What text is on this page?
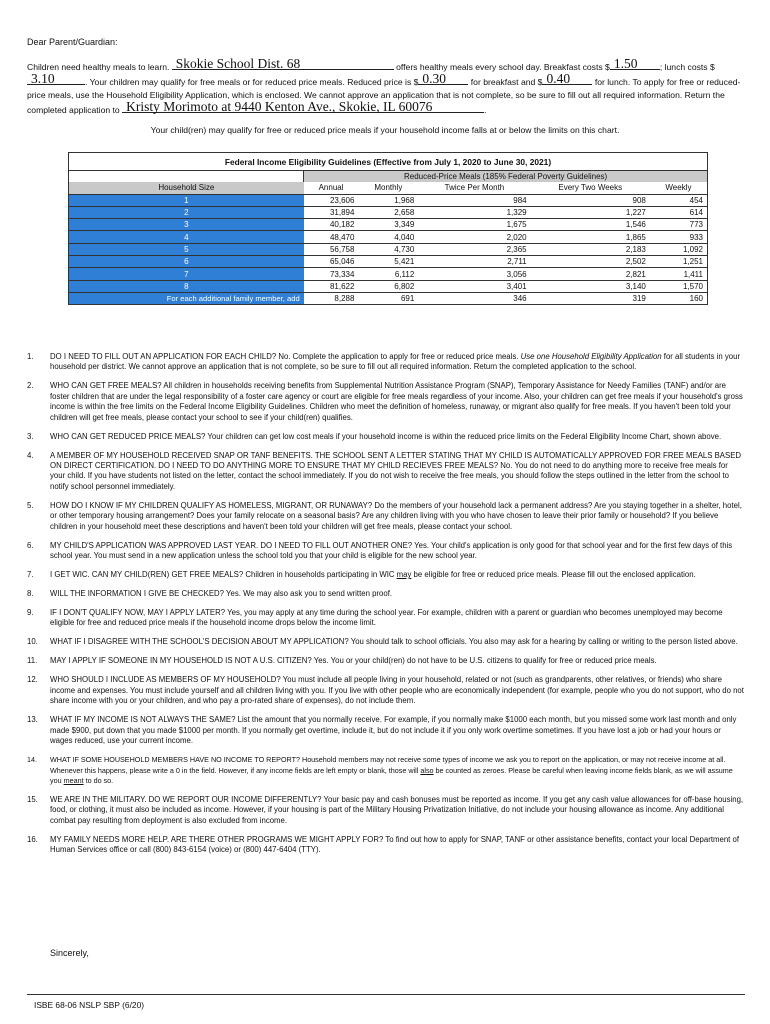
Dear Parent/Guardian:
Children need healthy meals to learn. Skokie School Dist. 68	offers healthy meals every school day. Breakfast costs $ 1.50	; lunch costs $
3.10	. Your children may qualify for free meals or for reduced price meals. Reduced price is $ 0.30	for breakfast and $ 0.40	for lunch. To apply for free or reduced-price meals, use the Household Eligibility Application, which is enclosed. We cannot approve an application that is not complete, so be sure to fill out all required information. Return the completed application to Kristy Morimoto at 9440 Kenton Ave., Skokie, IL 60076	.
Your child(ren) may qualify for free or reduced price meals if your household income falls at or below the limits on this chart.
Federal Income Eligibility Guidelines (Effective from July 1, 2020 to June 30, 2021)					
	Reduced-Price Meals (185% Federal Poverty Guidelines)				
Household Size	Annual	Monthly	Twice Per Month	Every Two Weeks	Weekly
1	23,606	1,968	984	908	454
2	31,894	2,658	1,329	1,227	614
3	40,182	3,349	1,675	1,546	773
4	48,470	4,040	2,020	1,865	933
5	56,758	4,730	2,365	2,183	1,092
6	65,046	5,421	2,711	2,502	1,251
7	73,334	6,112	3,056	2,821	1,411
8	81,622	6,802	3,401	3,140	1,570
For each additional family member, add	8,288	691	346	319	160
1. DO I NEED TO FILL OUT AN APPLICATION FOR EACH CHILD? No. Complete the application to apply for free or reduced price meals. Use one Household Eligibility Application for all students in your household per district. We cannot approve an application that is not complete, so be sure to fill out all required information. Return the completed application to the school.
2. WHO CAN GET FREE MEALS? All children in households receiving benefits from Supplemental Nutrition Assistance Program (SNAP), Temporary Assistance for Needy Families (TANF) and/or are foster children that are under the legal responsibility of a foster care agency or court are eligible for free meals regardless of your income. Also, your children can get free meals if your household's gross income is within the free limits on the Federal Income Eligibility Guidelines. Children who meet the definition of homeless, runaway, or migrant also qualify for free meals. If you haven't been told your children will get free meals, please contact your school to see if your child(ren) qualifies.
3. WHO CAN GET REDUCED PRICE MEALS? Your children can get low cost meals if your household income is within the reduced price limits on the Federal Eligibility Income Chart, shown above.
4. A MEMBER OF MY HOUSEHOLD RECEIVED SNAP OR TANF BENEFITS. THE SCHOOL SENT A LETTER STATING THAT MY CHILD IS AUTOMATICALLY APPROVED FOR FREE MEALS BASED ON DIRECT CERTIFICATION. DO I NEED TO DO ANYTHING MORE TO ENSURE THAT MY CHILD RECIEVES FREE MEALS? No. You do not need to do anything more to receive free meals for your child. If you have students not listed on the letter, contact the school immediately. If you do not wish to receive the free meals, you should follow the steps outlined in the letter from the school to notify school personnel immediately.
5. HOW DO I KNOW IF MY CHILDREN QUALIFY AS HOMELESS, MIGRANT, OR RUNAWAY? Do the members of your household lack a permanent address? Are you staying together in a shelter, hotel, or other temporary housing arrangement? Does your family relocate on a seasonal basis? Are any children living with you who have chosen to leave their prior family or household? If you believe children in your household meet these descriptions and haven't been told your children will get free meals, please contact your school.
6. MY CHILD'S APPLICATION WAS APPROVED LAST YEAR. DO I NEED TO FILL OUT ANOTHER ONE? Yes. Your child's application is only good for that school year and for the first few days of this school year. You must send in a new application unless the school told you that your child is eligible for the new school year.
7. I GET WIC. CAN MY CHILD(REN) GET FREE MEALS? Children in households participating in WIC may be eligible for free or reduced price meals. Please fill out the enclosed application.
8. WILL THE INFORMATION I GIVE BE CHECKED? Yes. We may also ask you to send written proof.
9. IF I DON'T QUALIFY NOW, MAY I APPLY LATER? Yes, you may apply at any time during the school year. For example, children with a parent or guardian who becomes unemployed may become eligible for free and reduced price meals if the household income drops below the income limit.
10. WHAT IF I DISAGREE WITH THE SCHOOL'S DECISION ABOUT MY APPLICATION? You should talk to school officials. You also may ask for a hearing by calling or writing to the person listed above.
11. MAY I APPLY IF SOMEONE IN MY HOUSEHOLD IS NOT A U.S. CITIZEN? Yes. You or your child(ren) do not have to be U.S. citizens to qualify for free or reduced price meals.
12. WHO SHOULD I INCLUDE AS MEMBERS OF MY HOUSEHOLD? You must include all people living in your household, related or not (such as grandparents, other relatives, or friends) who share income and expenses. You must include yourself and all children living with you. If you live with other people who are economically independent (for example, people who you do not support, who do not share income with you or your children, and who pay a pro-rated share of expenses), do not include them.
13. WHAT IF MY INCOME IS NOT ALWAYS THE SAME? List the amount that you normally receive. For example, if you normally make $1000 each month, but you missed some work last month and only made $900, put down that you made $1000 per month. If you normally get overtime, include it, but do not include it if you only work overtime sometimes. If you have lost a job or had your hours or wages reduced, use your current income.
14. WHAT IF SOME HOUSEHOLD MEMBERS HAVE NO INCOME TO REPORT? Household members may not receive some types of income we ask you to report on the application, or may not receive income at all. Whenever this happens, please write a 0 in the field. However, if any income fields are left empty or blank, those will also be counted as zeroes. Please be careful when leaving income fields blank, as we will assume you meant to do so.
15. WE ARE IN THE MILITARY. DO WE REPORT OUR INCOME DIFFERENTLY? Your basic pay and cash bonuses must be reported as income. If you get any cash value allowances for off-base housing, food, or clothing, it must also be included as income. However, if your housing is part of the Military Housing Privatization Initiative, do not include your housing allowance as income. Any additional combat pay resulting from deployment is also excluded from income.
16. MY FAMILY NEEDS MORE HELP. ARE THERE OTHER PROGRAMS WE MIGHT APPLY FOR? To find out how to apply for SNAP, TANF or other assistance benefits, contact your local Department of Human Services office or call (800) 843-6154 (voice) or (800) 447-6404 (TTY).
Sincerely,
ISBE 68-06 NSLP SBP (6/20)
